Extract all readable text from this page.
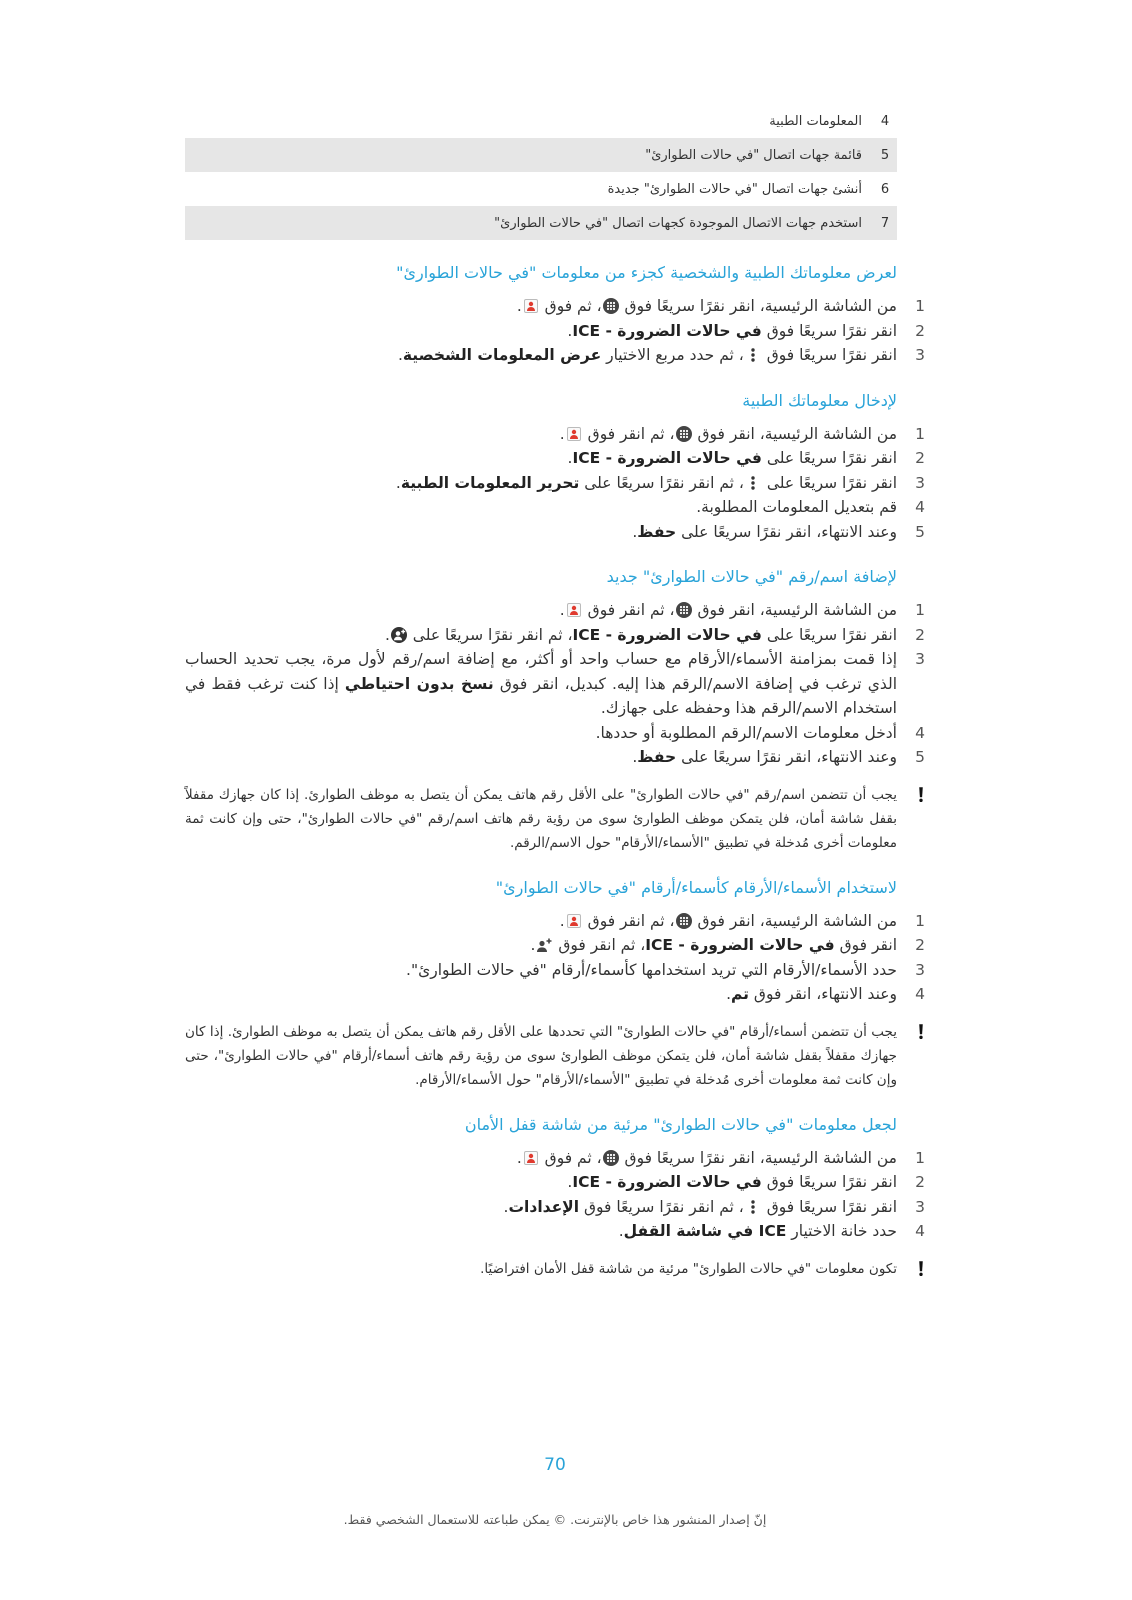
4
المعلومات الطبية
5
قائمة جهات اتصال "في حالات الطوارئ"
6
أنشئ جهات اتصال "في حالات الطوارئ" جديدة
7
استخدم جهات الاتصال الموجودة كجهات اتصال "في حالات الطوارئ"
لعرض معلوماتك الطبية والشخصية كجزء من معلومات "في حالات الطوارئ"
1
من الشاشة الرئيسية، انقر نقرًا سريعًا فوق
، ثم فوق
.
2
انقر نقرًا سريعًا فوق في حالات الضرورة - ICE.
3
انقر نقرًا سريعًا فوق
، ثم حدد مربع الاختيار عرض المعلومات الشخصية.
لإدخال معلوماتك الطبية
1
من الشاشة الرئيسية، انقر فوق
، ثم انقر فوق
.
2
انقر نقرًا سريعًا على في حالات الضرورة - ICE.
3
انقر نقرًا سريعًا على
، ثم انقر نقرًا سريعًا على تحرير المعلومات الطبية.
4
قم بتعديل المعلومات المطلوبة.
5
وعند الانتهاء، انقر نقرًا سريعًا على حفظ.
لإضافة اسم/رقم "في حالات الطوارئ" جديد
1
من الشاشة الرئيسية، انقر فوق
، ثم انقر فوق
.
2
انقر نقرًا سريعًا على في حالات الضرورة - ICE، ثم انقر نقرًا سريعًا على
.
3
إذا قمت بمزامنة الأسماء/الأرقام مع حساب واحد أو أكثر، مع إضافة اسم/رقم لأول مرة، يجب تحديد الحساب الذي ترغب في إضافة الاسم/الرقم هذا إليه. كبديل، انقر فوق نسخ بدون احتياطي إذا كنت ترغب فقط في استخدام الاسم/الرقم هذا وحفظه على جهازك.
4
أدخل معلومات الاسم/الرقم المطلوبة أو حددها.
5
وعند الانتهاء، انقر نقرًا سريعًا على حفظ.
يجب أن تتضمن اسم/رقم "في حالات الطوارئ" على الأقل رقم هاتف يمكن أن يتصل به موظف الطوارئ. إذا كان جهازك مقفلاً بقفل شاشة أمان، فلن يتمكن موظف الطوارئ سوى من رؤية رقم هاتف اسم/رقم "في حالات الطوارئ"، حتى وإن كانت ثمة معلومات أخرى مُدخلة في تطبيق "الأسماء/الأرقام" حول الاسم/الرقم.
لاستخدام الأسماء/الأرقام كأسماء/أرقام "في حالات الطوارئ"
1
من الشاشة الرئيسية، انقر فوق
، ثم انقر فوق
.
2
انقر فوق في حالات الضرورة - ICE، ثم انقر فوق
.
3
حدد الأسماء/الأرقام التي تريد استخدامها كأسماء/أرقام "في حالات الطوارئ".
4
وعند الانتهاء، انقر فوق تم.
يجب أن تتضمن أسماء/أرقام "في حالات الطوارئ" التي تحددها على الأقل رقم هاتف يمكن أن يتصل به موظف الطوارئ. إذا كان جهازك مقفلاً بقفل شاشة أمان، فلن يتمكن موظف الطوارئ سوى من رؤية رقم هاتف أسماء/أرقام "في حالات الطوارئ"، حتى وإن كانت ثمة معلومات أخرى مُدخلة في تطبيق "الأسماء/الأرقام" حول الأسماء/الأرقام.
لجعل معلومات "في حالات الطوارئ" مرئية من شاشة قفل الأمان
1
من الشاشة الرئيسية، انقر نقرًا سريعًا فوق
، ثم فوق
.
2
انقر نقرًا سريعًا فوق في حالات الضرورة - ICE.
3
انقر نقرًا سريعًا فوق
، ثم انقر نقرًا سريعًا فوق الإعدادات.
4
حدد خانة الاختيار ICE في شاشة القفل.
تكون معلومات "في حالات الطوارئ" مرئية من شاشة قفل الأمان افتراضيًا.
70
إنّ إصدار المنشور هذا خاص بالإنترنت. © يمكن طباعته للاستعمال الشخصي فقط.
